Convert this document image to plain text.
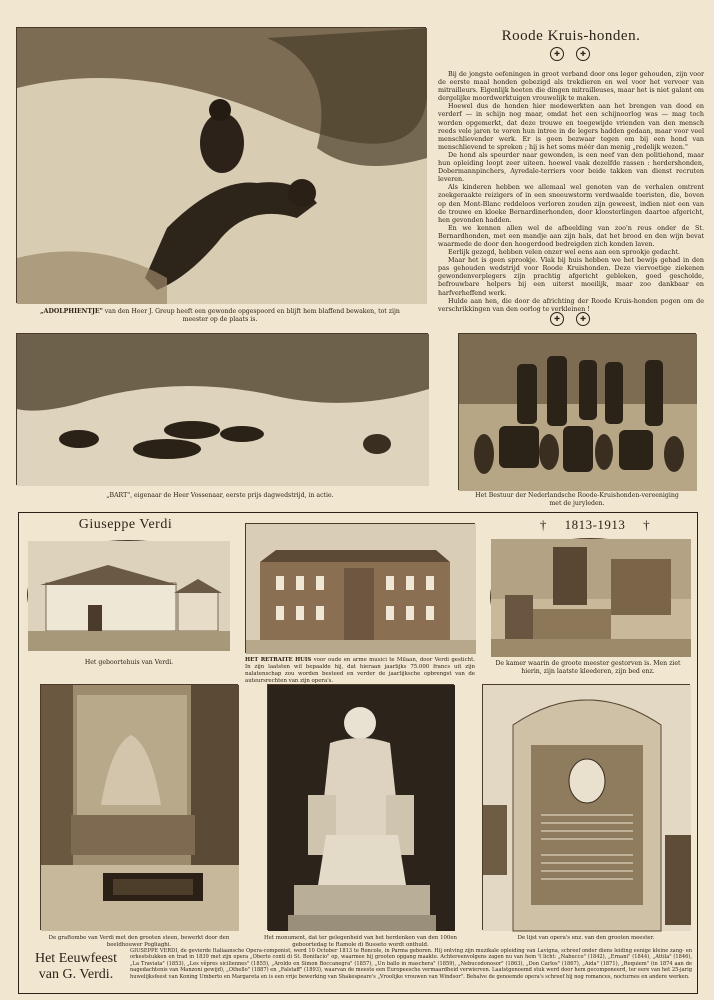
„ADOLPHIENTJE" van den Heer J. Greup heeft een gewonde opgespoord en blijft hem blaffend bewaken, tot zijn meester op de plaats is.
Roode Kruis-honden.
✚	✚

Bij de jongste oefeningen in groot verband door ons leger gehouden, zijn voor de eerste maal honden gebezigd als trekdieren en wel voor het vervoer van mitrailleurs. Eigenlijk heeten die dingen mitrailleuses, maar het is niet galant om dergelijke moordwerktuigen vrouwelijk te maken.

Hoewel dus de honden hier medewerkten aan het brengen van dood en verderf — in schijn nog maar, omdat het een schijnoorlog was — mag toch worden opgemerkt, dat deze trouwe en toegewijde vrienden van den mensch reeds vele jaren te voren hun intree in de legers hadden gedaan, maar voor veel menschlievender werk. Er is geen bezwaar tegen om bij een hond van menschlievend te spreken ; hij is het soms méér dan menig „redelijk wezen."

De hond als speurder naar gewonden, is een neef van den politiehond, maar hun opleiding loopt zeer uiteen. hoewel vaak dezelfde rassen : herdershonden, Dobermannpinchers, Ayredale-terriers voor beide takken van dienst recruten leveren.

Als kinderen hebben we allemaal wel genoten van de verhalen omtrent zoekgeraakte reizigers of in een sneeuwstorm verdwaalde toeristen, die, boven op den Mont-Blanc reddeloos verloren zouden zijn geweest, indien niet een van de trouwe en kloeke Bernardinerhonden, door kloosterlingen daartoe afgericht, hen gevonden hadden.

En we kennen allen wel de afbeelding van zoo'n reus onder de St. Bernardhonden, met een mandje aan zijn hals, dat het brood en den wijn bevat waarmede de door den hoogerdood bedreigden zich konden laven.

Eerlijk gezegd, hebben velen onzer wel eens aan een sprookje gedacht.

Maar het is geen sprookje. Vlak bij huis hebben we het bewijs gehad in den pas gehouden wedstrijd voor Roode Kruishonden. Deze viervoetige ziekenen gewondenverplegers zijn prachtig afgericht gebleken, goed gescholde, befrouwbare helpers bij een uiterst moeilijk, maar zoo dankbaar en harfverheffend werk.

Hulde aan hen, die door de africhting der Roode Kruis-honden pogen om de verschrikkingen van den oorlog te verkleinen !

✚	✚
„BART", eigenaar de Heer Vossenaar, eerste prijs dagwedstrijd, in actie.	Het Bestuur der Nederlandsche Roode-Kruishonden-vereeniging met de juryleden.
Giuseppe Verdi	† 1813-1913 †
Het geboortehuis van Verdi.	HET RETRAITE HUIS voor oude en arme musici te Milaan, door Verdi gesticht. In zijn laatsten wil bepaalde hij, dat hieraan jaarlijks 75.000 francs uit zijn nalatenschap zou worden besteed en verder de jaarlijksche opbrengst van de auteursrechten van zijn opera's.
De kamer waarin de groote meester gestorven is. Men ziet hierin, zijn laatste kleederen, zijn bed enz.
De graftombe van Verdi met den grooten steen, bewerkt door den beeldhouwer Pogliaghi.
Het monument, dat ter gelegenheid van het herdenken van den 100en geboortedag te Ramole di Busseto wordt onthuld.
De lijst van opera's enz. van den grooten meester.
Het Eeuwfeest
van G. Verdi.
GIUSEPPE VERDI, de gevierde Italiaansche Opera-componist, werd 10 October 1813 te Roncole, in Parma geboren. Hij ontving zijn muzikale opleiding van Lavigna, schreef onder diens leiding eenige kleine zang- en orkeststukken en trad in 1839 met zijn opera „Oberto conti di St. Bonifacio" op, waarmee hij grooten opgang maakte. Achtereenvolgens zagen nu van hem 't licht: „Nabucco" (1842), „Ernani" (1844), „Attila" (1846), „La Traviata" (1853), „Les vêpres siciliennes" (1855), „Aroldo en Simon Boccanegra" (1857), „Un ballo in maschera" (1859), „Nebucodonosor" (1863), „Don Carlos" (1867), „Aida" (1871), „Requiem" (in 1874 aan de nagedachtenis van Manzoni gewijd), „Othello" (1887) en „Falstaff" (1893), waarvan de meeste een Europeesche vermaardheid verwierven. Laatstgenoemd stuk werd door hem gecomponeerd, ter eere van het 25-jarig huwelijksfeest van Koning Umberto en Margareta en is een vrije bewerking van Shakespeare's „Vroolijke vrouwen van Windsor". Behalve de genoemde opera's schreef hij nog romances, nocturnes en andere werken.
